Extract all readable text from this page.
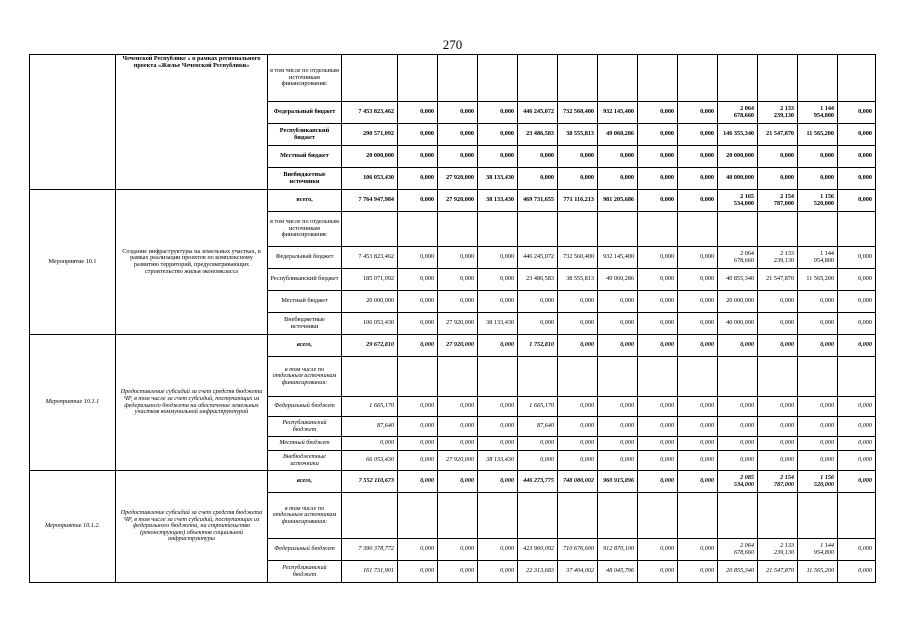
270
	Чеченской Республике » в рамках регионального проекта «Жилье Чеченской Республики»	в том числе по отдельным источникам финансирования:													
		Федеральный бюджет	7 453 823,462	0,000	0,000	0,000	446 245,072	732 560,400	932 145,400	0,000	0,000	2 064 678,660	2 133 239,130	1 144 954,800	0,000
		Республиканский бюджет	290 571,092	0,000	0,000	0,000	23 486,583	38 555,813	49 060,286	0,000	0,000	146 355,340	21 547,870	11 565,200	0,000
		Местный бюджет	20 000,000	0,000	0,000	0,000	0,000	0,000	0,000	0,000	0,000	20 000,000	0,000	0,000	0,000
		Внебюджетные источники	106 053,430	0,000	27 920,000	38 133,430	0,000	0,000	0,000	0,000	0,000	40 000,000	0,000	0,000	0,000
Мероприятие 10.1	Создание инфраструктуры на земельных участках, в рамках реализации проектов по комплексному развитию территорий, предусматривающих строительство жилья экономкласса	всего,	7 764 947,984	0,000	27 920,000	38 133,430	469 731,655	771 116,213	981 205,686	0,000	0,000	2 165 534,000	2 154 787,000	1 156 520,000	0,000
		в том числе по отдельным источникам финансирования:													
		Федеральный бюджет	7 453 823,462	0,000	0,000	0,000	446 245,072	732 560,400	932 145,400	0,000	0,000	2 064 678,660	2 133 239,130	1 144 954,800	0,000
		Республиканский бюджет	185 071,092	0,000	0,000	0,000	23 486,583	38 555,813	49 060,286	0,000	0,000	40 855,340	21 547,870	11 565,200	0,000
		Местный бюджет	20 000,000	0,000	0,000	0,000	0,000	0,000	0,000	0,000	0,000	20 000,000	0,000	0,000	0,000
		Внебюджетные источники	106 053,430	0,000	27 920,000	38 133,430	0,000	0,000	0,000	0,000	0,000	40 000,000	0,000	0,000	0,000
Мероприятие 10.1.1	Предоставление субсидий за счет средств бюджета ЧР, в том числе за счет субсидий, поступающих из федерального бюджета на обеспечение земельных участков коммунальной инфраструктурой	всего,	29 672,810	0,000	27 920,000	0,000	1 752,810	0,000	0,000	0,000	0,000	0,000	0,000	0,000	0,000
		в том числе по отдельным источникам финансирования:													
		Федеральный бюджет	1 665,170	0,000	0,000	0,000	1 665,170	0,000	0,000	0,000	0,000	0,000	0,000	0,000	0,000
		Республиканский бюджет	87,640	0,000	0,000	0,000	87,640	0,000	0,000	0,000	0,000	0,000	0,000	0,000	0,000
		Местный бюджет	0,000	0,000	0,000	0,000	0,000	0,000	0,000	0,000	0,000	0,000	0,000	0,000	0,000
		Внебюджетные источники	66 053,430	0,000	27 920,000	38 133,430	0,000	0,000	0,000	0,000	0,000	0,000	0,000	0,000	0,000
Мероприятие 10.1.2.	Предоставление субсидий за счет средств бюджета ЧР, в том числе за счет субсидий, поступающих из федерального бюджета, на строительство (реконструкцию) объектов социальной инфраструктуры	всего,	7 552 110,673	0,000	0,000	0,000	446 273,775	748 080,002	960 915,896	0,000	0,000	2 085 534,000	2 154 787,000	1 156 520,000	0,000
		в том числе по отдельным источникам финансирования:													
		Федеральный бюджет	7 390 378,772	0,000	0,000	0,000	423 960,092	710 676,600	912 870,100	0,000	0,000	2 064 678,660	2 133 239,130	1 144 954,800	0,000
		Республиканский бюджет	161 731,901	0,000	0,000	0,000	22 313,683	37 404,002	48 045,796	0,000	0,000	20 855,340	21 547,870	11 565,200	0,000
